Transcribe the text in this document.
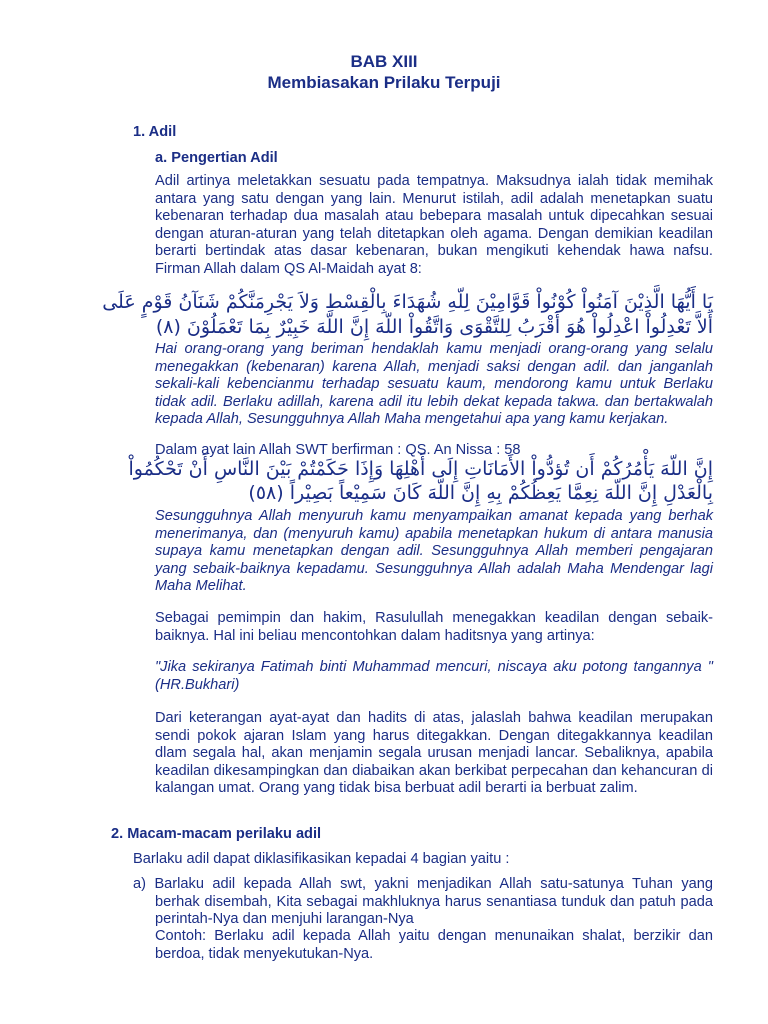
BAB XIII
Membiasakan Prilaku Terpuji
1. Adil
a. Pengertian Adil
Adil artinya meletakkan sesuatu pada tempatnya. Maksudnya ialah tidak memihak antara yang satu dengan yang lain. Menurut istilah, adil adalah menetapkan suatu kebenaran terhadap dua masalah atau bebepara masalah untuk dipecahkan sesuai dengan aturan-aturan yang telah ditetapkan oleh agama. Dengan demikian keadilan berarti bertindak atas dasar kebenaran, bukan mengikuti kehendak hawa nafsu. Firman Allah dalam QS Al-Maidah ayat 8:
يَا أَيُّهَا الَّذِيْنَ آمَنُواْ كُوْنُواْ قَوَّامِيْنَ لِلّهِ شُهَدَاءَ بِالْقِسْطِ وَلاَ يَجْرِمَنَّكُمْ شَنَآنُ قَوْمٍ عَلَى
أَلاَّ تَعْدِلُواْ اعْدِلُواْ هُوَ أَقْرَبُ لِلتَّقْوَى وَاتَّقُواْ اللّهَ إِنَّ اللّهَ خَبِيْرٌ بِمَا تَعْمَلُوْنَ (٨)
Hai orang-orang yang beriman hendaklah kamu menjadi orang-orang yang selalu menegakkan (kebenaran) karena Allah, menjadi saksi dengan adil. dan janganlah sekali-kali kebencianmu terhadap sesuatu kaum, mendorong kamu untuk Berlaku tidak adil. Berlaku adillah, karena adil itu lebih dekat kepada takwa. dan bertakwalah kepada Allah, Sesungguhnya Allah Maha mengetahui apa yang kamu kerjakan.
Dalam ayat lain Allah SWT berfirman : QS. An Nissa : 58
إِنَّ اللّهَ يَأْمُرُكُمْ أَن تُؤدُّواْ الأَمَانَاتِ إِلَى أَهْلِهَا وَإِذَا حَكَمْتُمْ بَيْنَ النَّاسِ أَنْ تَحْكُمُواْ
بِالْعَدْلِ إِنَّ اللّهَ نِعِمَّا يَعِظُكُمْ بِهِ إِنَّ اللّهَ كَانَ سَمِيْعاً بَصِيْراً (٥٨)
Sesungguhnya Allah menyuruh kamu menyampaikan amanat kepada yang berhak menerimanya, dan (menyuruh kamu) apabila menetapkan hukum di antara manusia supaya kamu menetapkan dengan adil. Sesungguhnya Allah memberi pengajaran yang sebaik-baiknya kepadamu. Sesungguhnya Allah adalah Maha Mendengar lagi Maha Melihat.
Sebagai pemimpin dan hakim, Rasulullah menegakkan keadilan dengan sebaik-baiknya. Hal ini beliau mencontohkan dalam haditsnya yang artinya:
"Jika sekiranya Fatimah binti Muhammad mencuri, niscaya aku potong tangannya " (HR.Bukhari)
Dari keterangan ayat-ayat dan hadits di atas, jalaslah bahwa keadilan merupakan sendi pokok ajaran Islam yang harus ditegakkan. Dengan ditegakkannya keadilan dlam segala hal, akan menjamin segala urusan menjadi lancar. Sebaliknya, apabila keadilan dikesampingkan dan diabaikan akan berkibat perpecahan dan kehancuran di kalangan umat. Orang yang tidak bisa berbuat adil berarti ia berbuat zalim.
2. Macam-macam perilaku adil
Barlaku adil dapat diklasifikasikan kepadai 4 bagian yaitu :
a) Barlaku adil kepada Allah swt, yakni menjadikan Allah satu-satunya Tuhan yang berhak disembah, Kita sebagai makhluknya harus senantiasa tunduk dan patuh pada perintah-Nya dan menjuhi larangan-Nya
Contoh: Berlaku adil kepada Allah yaitu dengan menunaikan shalat, berzikir dan berdoa, tidak menyekutukan-Nya.
